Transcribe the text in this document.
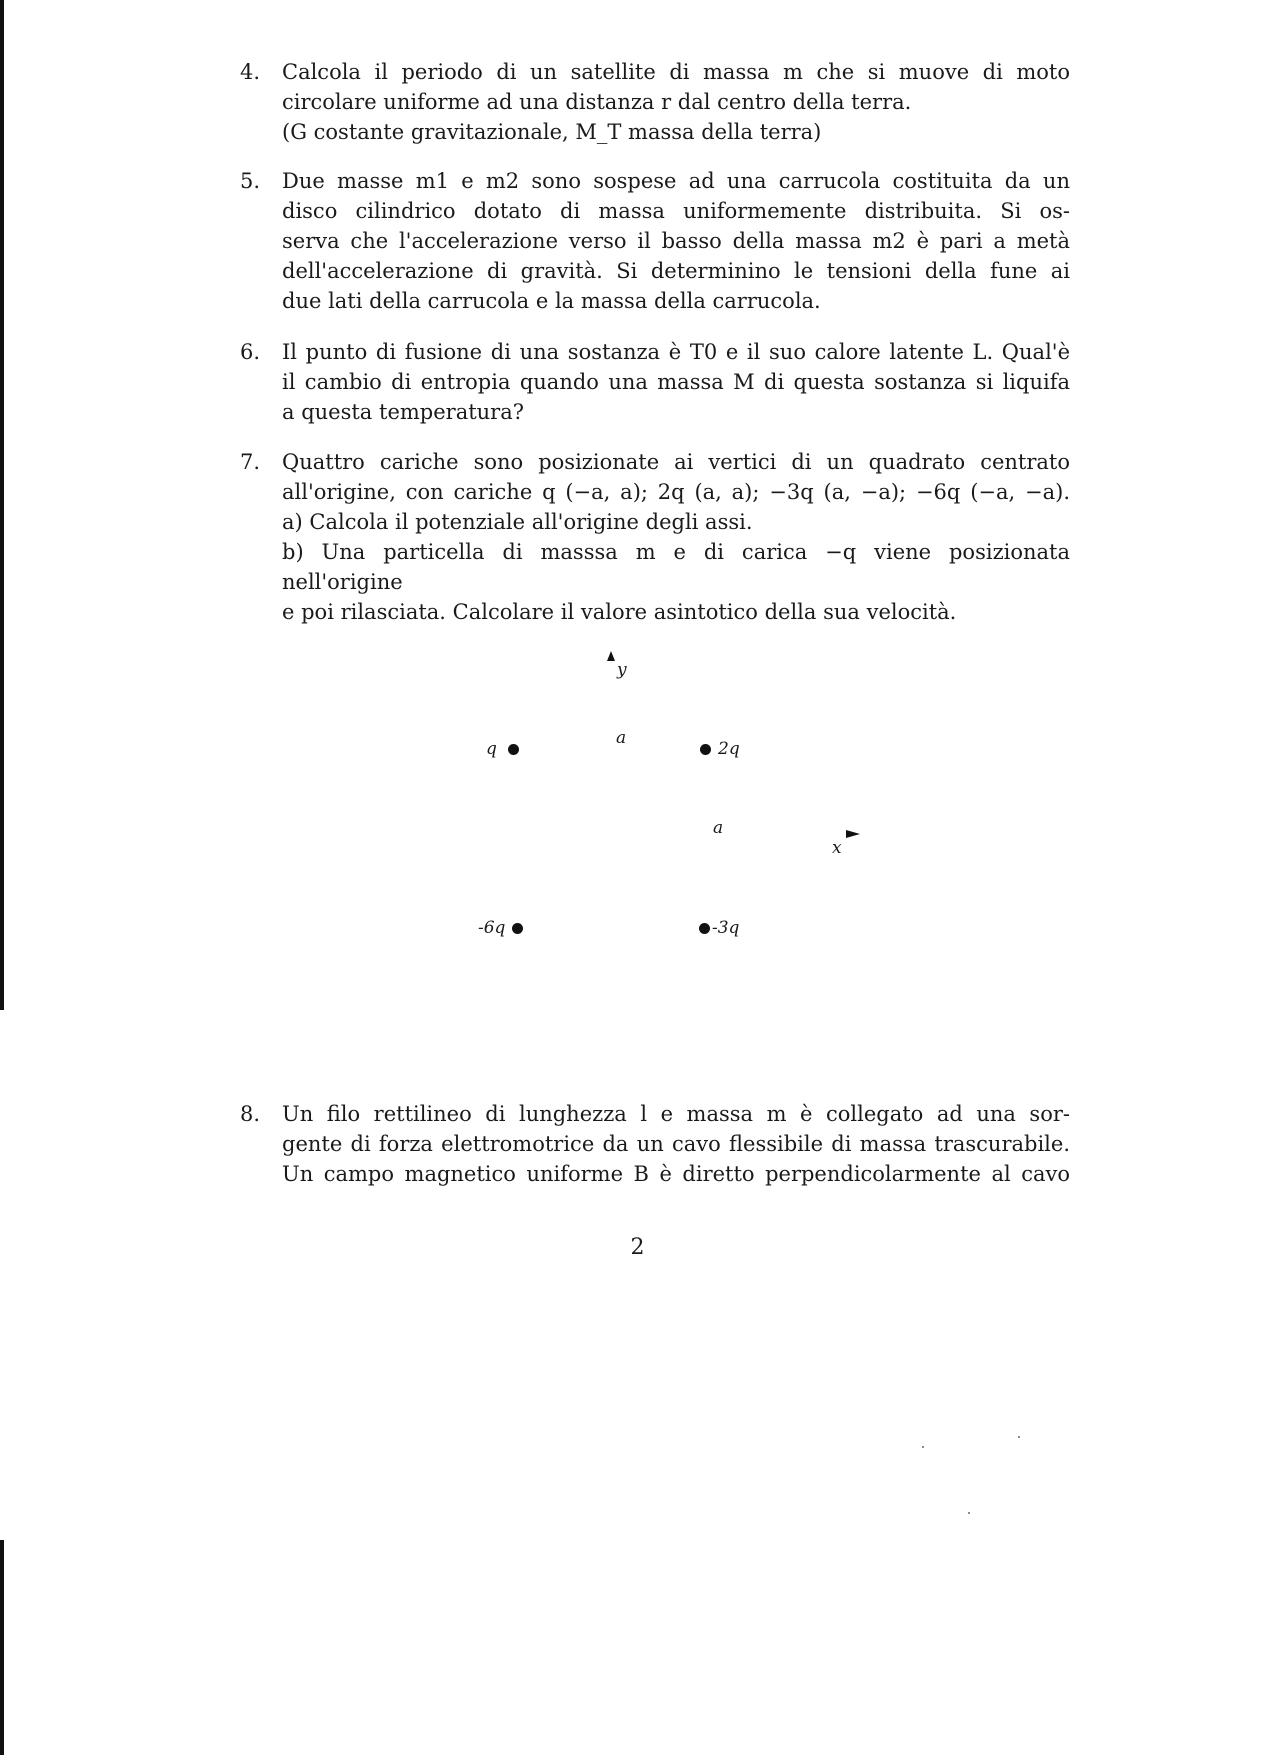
4.	Calcola il periodo di un satellite di massa m che si muove di moto

circolare uniforme ad una distanza r dal centro della terra.

(G costante gravitazionale, M_T massa della terra)

5.	Due masse m1 e m2 sono sospese ad una carrucola costituita da un

disco cilindrico dotato di massa uniformemente distribuita. Si os-

serva che l'accelerazione verso il basso della massa m2 è pari a metà

dell'accelerazione di gravità. Si determinino le tensioni della fune ai

due lati della carrucola e la massa della carrucola.

6.	Il punto di fusione di una sostanza è T0 e il suo calore latente L. Qual'è

il cambio di entropia quando una massa M di questa sostanza si liquifa

a questa temperatura?

7.	Quattro cariche sono posizionate ai vertici di un quadrato centrato

all'origine, con cariche q (−a, a); 2q (a, a); −3q (a, −a); −6q (−a, −a).

a) Calcola il potenziale all'origine degli assi.

b) Una particella di masssa m e di carica −q viene posizionata nell'origine

e poi rilasciata. Calcolare il valore asintotico della sua velocità.

y
x
a
a
q	2q
-6q	-3q
8.	Un filo rettilineo di lunghezza l e massa m è collegato ad una sor-

gente di forza elettromotrice da un cavo flessibile di massa trascurabile.

Un campo magnetico uniforme B è diretto perpendicolarmente al cavo

2
